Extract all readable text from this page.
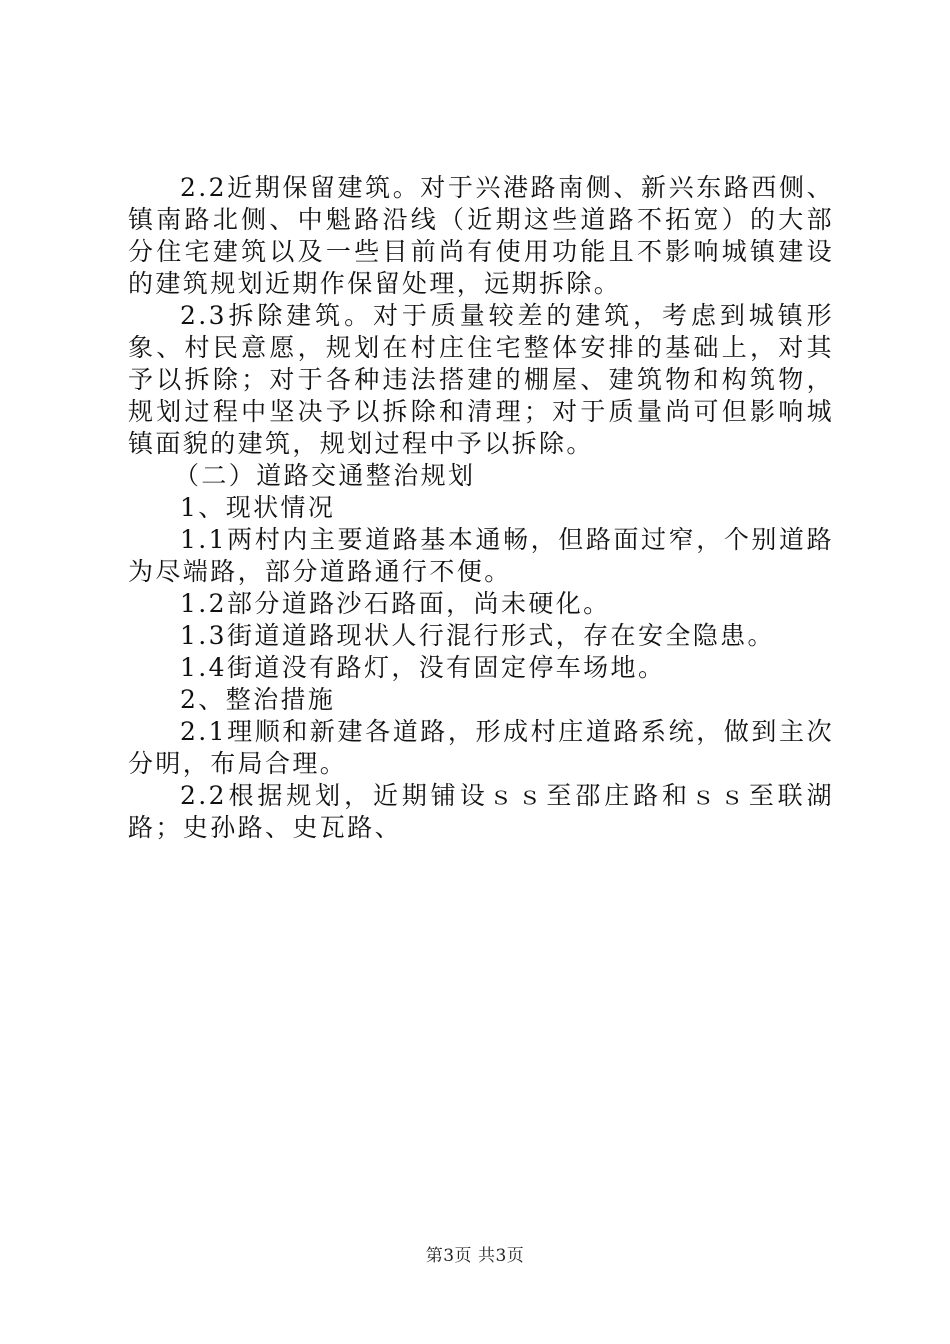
2.2近期保留建筑。对于兴港路南侧、新兴东路西侧、镇南路北侧、中魁路沿线（近期这些道路不拓宽）的大部分住宅建筑以及一些目前尚有使用功能且不影响城镇建设的建筑规划近期作保留处理，远期拆除。

2.3拆除建筑。对于质量较差的建筑，考虑到城镇形象、村民意愿，规划在村庄住宅整体安排的基础上，对其予以拆除；对于各种违法搭建的棚屋、建筑物和构筑物，规划过程中坚决予以拆除和清理；对于质量尚可但影响城镇面貌的建筑，规划过程中予以拆除。

（二）道路交通整治规划

1、现状情况

1.1两村内主要道路基本通畅，但路面过窄，个别道路为尽端路，部分道路通行不便。

1.2部分道路沙石路面，尚未硬化。

1.3街道道路现状人行混行形式，存在安全隐患。

1.4街道没有路灯，没有固定停车场地。

2、整治措施

2.1理顺和新建各道路，形成村庄道路系统，做到主次分明，布局合理。

2.2根据规划，近期铺设ｓｓ至邵庄路和ｓｓ至联湖路；史孙路、史瓦路、

第3页 共3页
